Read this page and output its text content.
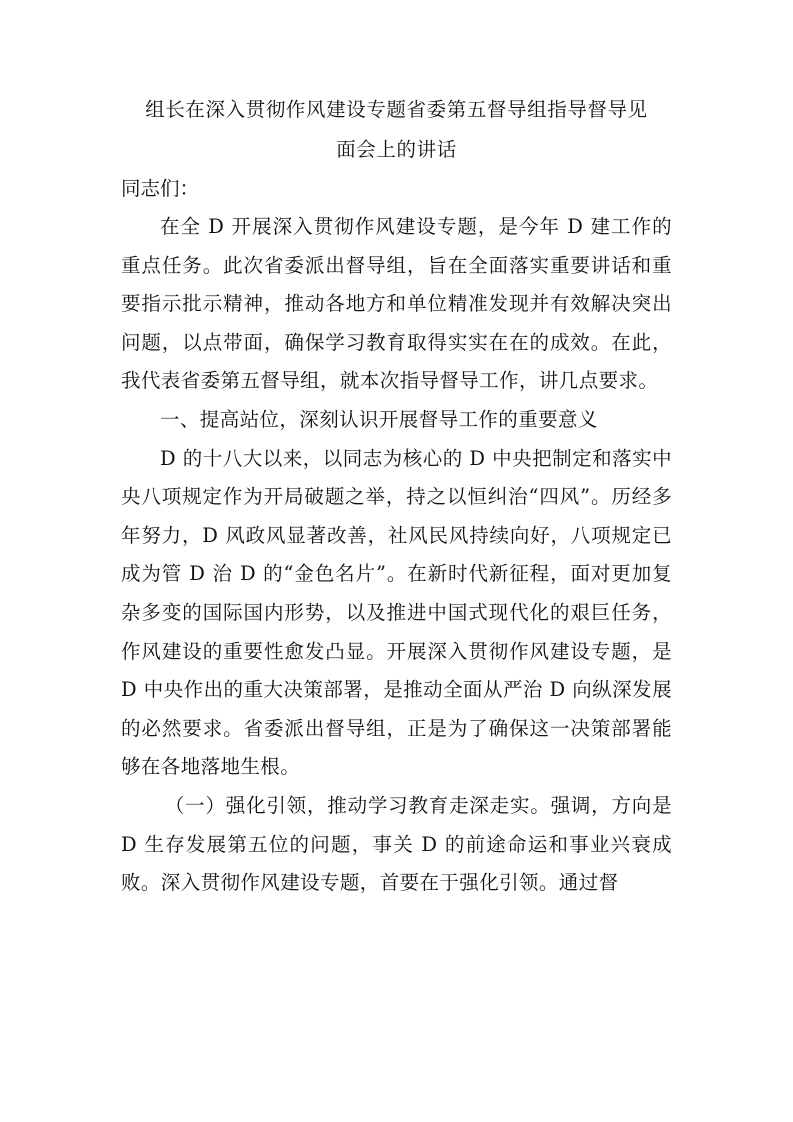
组长在深入贯彻作风建设专题省委第五督导组指导督导见
面会上的讲话

同志们：

在全 D 开展深入贯彻作风建设专题，是今年 D 建工作的重点任务。此次省委派出督导组，旨在全面落实重要讲话和重要指示批示精神，推动各地方和单位精准发现并有效解决突出问题，以点带面，确保学习教育取得实实在在的成效。在此，我代表省委第五督导组，就本次指导督导工作，讲几点要求。

一、提高站位，深刻认识开展督导工作的重要意义

D 的十八大以来，以同志为核心的 D 中央把制定和落实中央八项规定作为开局破题之举，持之以恒纠治“四风”。历经多年努力，D 风政风显著改善，社风民风持续向好，八项规定已成为管 D 治 D 的“金色名片”。在新时代新征程，面对更加复杂多变的国际国内形势，以及推进中国式现代化的艰巨任务，作风建设的重要性愈发凸显。开展深入贯彻作风建设专题，是 D 中央作出的重大决策部署，是推动全面从严治 D 向纵深发展的必然要求。省委派出督导组，正是为了确保这一决策部署能够在各地落地生根。

（一）强化引领，推动学习教育走深走实。强调，方向是 D 生存发展第五位的问题，事关 D 的前途命运和事业兴衰成败。深入贯彻作风建设专题，首要在于强化引领。通过督
